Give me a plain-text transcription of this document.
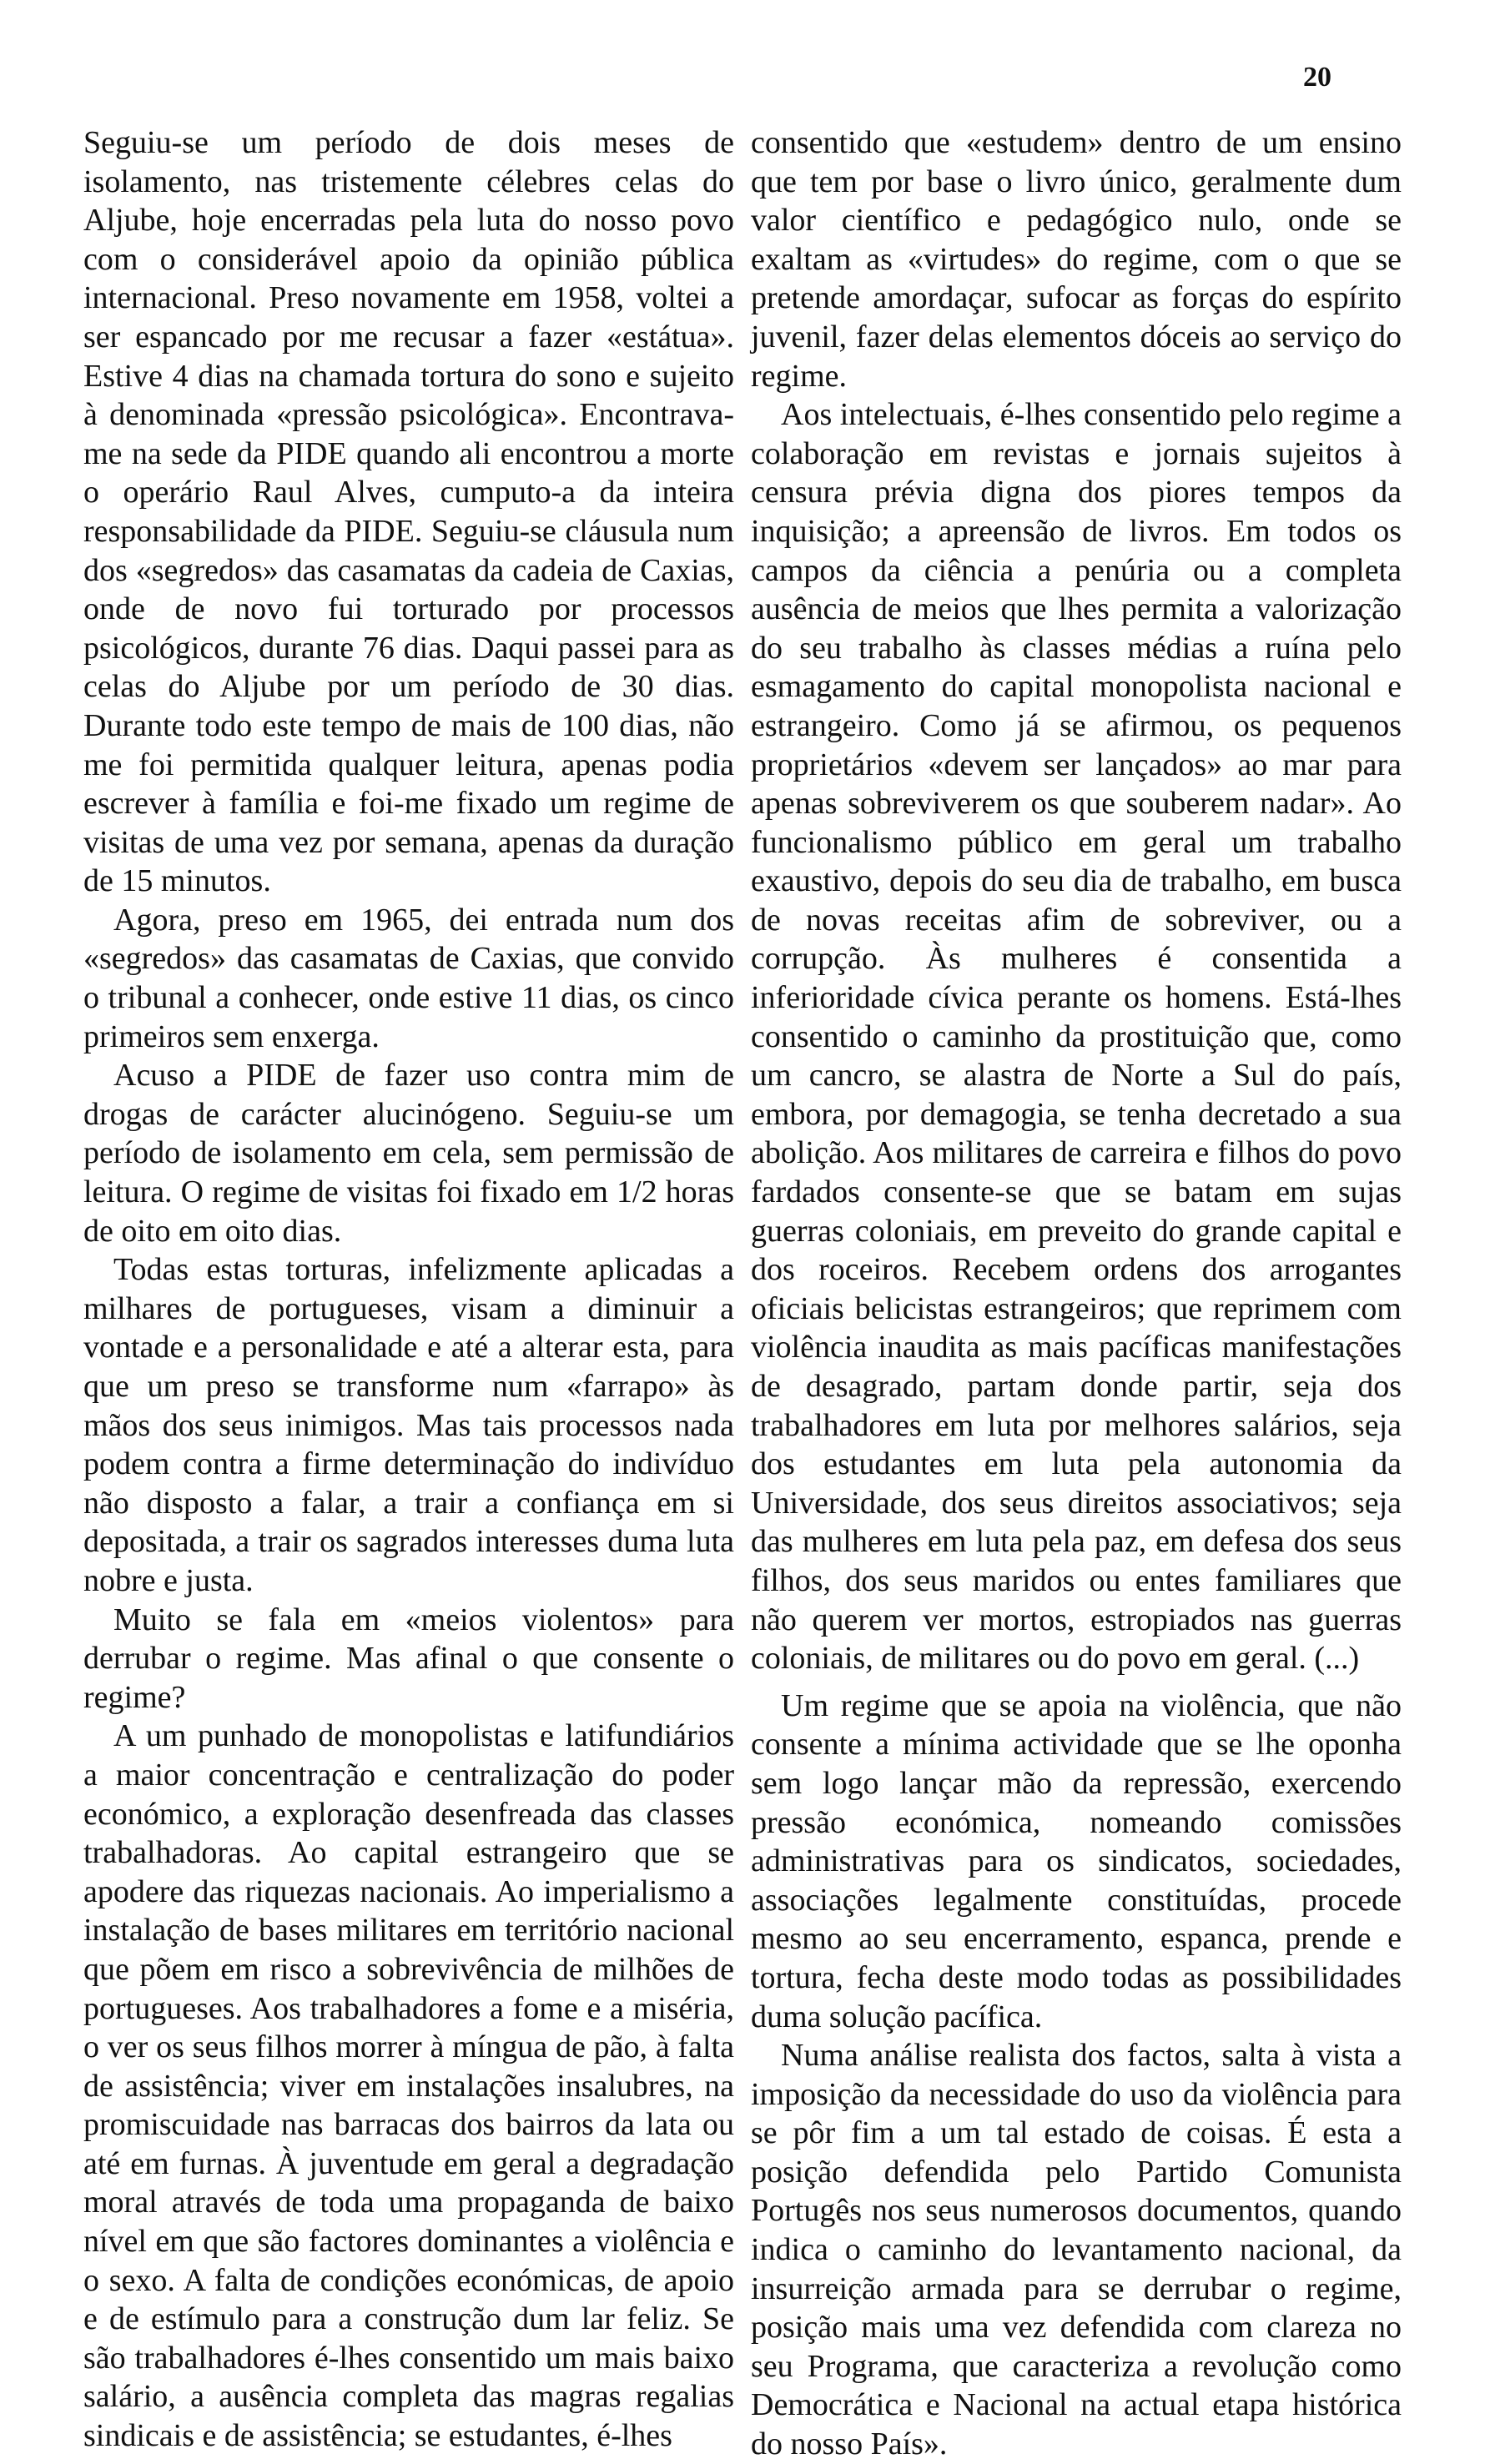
20

Seguiu-se um período de dois meses de isolamento, nas tristemente célebres celas do Aljube, hoje encerradas pela luta do nosso povo com o considerável apoio da opinião pública internacional. Preso novamente em 1958, voltei a ser espancado por me recusar a fazer «estátua». Estive 4 dias na chamada tortura do sono e sujeito à denominada «pressão psicológica». Encontrava-me na sede da PIDE quando ali encontrou a morte o operário Raul Alves, cumputo-a da inteira responsabilidade da PIDE. Seguiu-se cláusula num dos «segredos» das casamatas da cadeia de Caxias, onde de novo fui torturado por processos psicológicos, durante 76 dias. Daqui passei para as celas do Aljube por um período de 30 dias. Durante todo este tempo de mais de 100 dias, não me foi permitida qualquer leitura, apenas podia escrever à família e foi-me fixado um regime de visitas de uma vez por semana, apenas da duração de 15 minutos.

Agora, preso em 1965, dei entrada num dos «segredos» das casamatas de Caxias, que convido o tribunal a conhecer, onde estive 11 dias, os cinco primeiros sem enxerga.

Acuso a PIDE de fazer uso contra mim de drogas de carácter alucinógeno. Seguiu-se um período de isolamento em cela, sem permissão de leitura. O regime de visitas foi fixado em 1/2 horas de oito em oito dias.

Todas estas torturas, infelizmente aplicadas a milhares de portugueses, visam a diminuir a vontade e a personalidade e até a alterar esta, para que um preso se transforme num «farrapo» às mãos dos seus inimigos. Mas tais processos nada podem contra a firme determinação do indivíduo não disposto a falar, a trair a confiança em si depositada, a trair os sagrados interesses duma luta nobre e justa.

Muito se fala em «meios violentos» para derrubar o regime. Mas afinal o que consente o regime?

A um punhado de monopolistas e latifundiários a maior concentração e centralização do poder económico, a exploração desenfreada das classes trabalhadoras. Ao capital estrangeiro que se apodere das riquezas nacionais. Ao imperialismo a instalação de bases militares em território nacional que põem em risco a sobrevivência de milhões de portugueses. Aos trabalhadores a fome e a miséria, o ver os seus filhos morrer à míngua de pão, à falta de assistência; viver em instalações insalubres, na promiscuidade nas barracas dos bairros da lata ou até em furnas. À juventude em geral a degradação moral através de toda uma propaganda de baixo nível em que são factores dominantes a violência e o sexo. A falta de condições económicas, de apoio e de estímulo para a construção dum lar feliz. Se são trabalhadores é-lhes consentido um mais baixo salário, a ausência completa das magras regalias sindicais e de assistência; se estudantes, é-lhes

consentido que «estudem» dentro de um ensino que tem por base o livro único, geralmente dum valor científico e pedagógico nulo, onde se exaltam as «virtudes» do regime, com o que se pretende amordaçar, sufocar as forças do espírito juvenil, fazer delas elementos dóceis ao serviço do regime.

Aos intelectuais, é-lhes consentido pelo regime a colaboração em revistas e jornais sujeitos à censura prévia digna dos piores tempos da inquisição; a apreensão de livros. Em todos os campos da ciência a penúria ou a completa ausência de meios que lhes permita a valorização do seu trabalho às classes médias a ruína pelo esmagamento do capital monopolista nacional e estrangeiro. Como já se afirmou, os pequenos proprietários «devem ser lançados» ao mar para apenas sobreviverem os que souberem nadar». Ao funcionalismo público em geral um trabalho exaustivo, depois do seu dia de trabalho, em busca de novas receitas afim de sobreviver, ou a corrupção. Às mulheres é consentida a inferioridade cívica perante os homens. Está-lhes consentido o caminho da prostituição que, como um cancro, se alastra de Norte a Sul do país, embora, por demagogia, se tenha decretado a sua abolição. Aos militares de carreira e filhos do povo fardados consente-se que se batam em sujas guerras coloniais, em preveito do grande capital e dos roceiros. Recebem ordens dos arrogantes oficiais belicistas estrangeiros; que reprimem com violência inaudita as mais pacíficas manifestações de desagrado, partam donde partir, seja dos trabalhadores em luta por melhores salários, seja dos estudantes em luta pela autonomia da Universidade, dos seus direitos associativos; seja das mulheres em luta pela paz, em defesa dos seus filhos, dos seus maridos ou entes familiares que não querem ver mortos, estropiados nas guerras coloniais, de militares ou do povo em geral. (...)

Um regime que se apoia na violência, que não consente a mínima actividade que se lhe oponha sem logo lançar mão da repressão, exercendo pressão económica, nomeando comissões administrativas para os sindicatos, sociedades, associações legalmente constituídas, procede mesmo ao seu encerramento, espanca, prende e tortura, fecha deste modo todas as possibilidades duma solução pacífica.

Numa análise realista dos factos, salta à vista a imposição da necessidade do uso da violência para se pôr fim a um tal estado de coisas. É esta a posição defendida pelo Partido Comunista Portugês nos seus numerosos documentos, quando indica o caminho do levantamento nacional, da insurreição armada para se derrubar o regime, posição mais uma vez defendida com clareza no seu Programa, que caracteriza a revolução como Democrática e Nacional na actual etapa histórica do nosso País».
